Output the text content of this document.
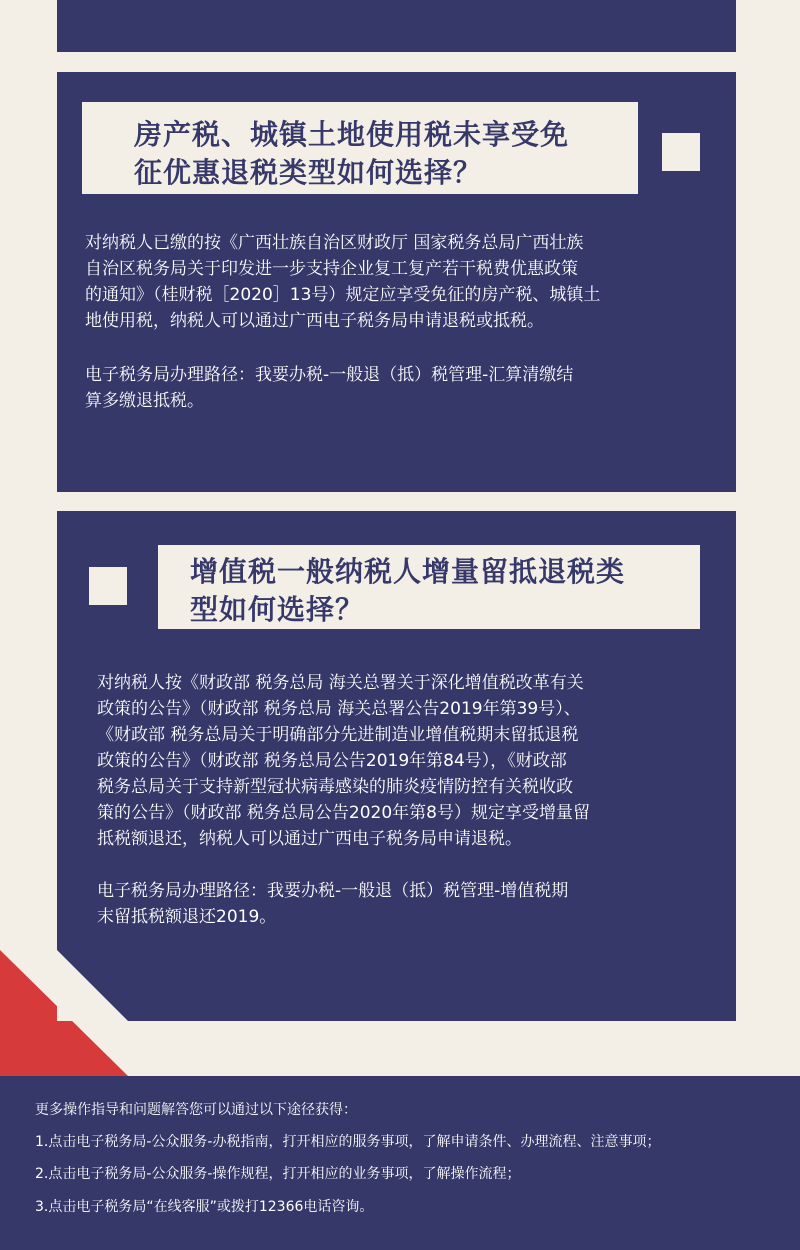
房产税、城镇土地使用税未享受免
征优惠退税类型如何选择？

对纳税人已缴的按《广西壮族自治区财政厅 国家税务总局广西壮族
自治区税务局关于印发进一步支持企业复工复产若干税费优惠政策
的通知》（桂财税［2020］13号）规定应享受免征的房产税、城镇土
地使用税，纳税人可以通过广西电子税务局申请退税或抵税。

电子税务局办理路径：我要办税-一般退（抵）税管理-汇算清缴结
算多缴退抵税。

增值税一般纳税人增量留抵退税类
型如何选择？

对纳税人按《财政部 税务总局 海关总署关于深化增值税改革有关
政策的公告》（财政部 税务总局 海关总署公告2019年第39号）、
《财政部 税务总局关于明确部分先进制造业增值税期末留抵退税
政策的公告》（财政部 税务总局公告2019年第84号），《财政部
税务总局关于支持新型冠状病毒感染的肺炎疫情防控有关税收政
策的公告》（财政部 税务总局公告2020年第8号）规定享受增量留
抵税额退还，纳税人可以通过广西电子税务局申请退税。

电子税务局办理路径：我要办税-一般退（抵）税管理-增值税期
末留抵税额退还2019。

更多操作指导和问题解答您可以通过以下途径获得：

1.点击电子税务局-公众服务-办税指南，打开相应的服务事项，了解申请条件、办理流程、注意事项；

2.点击电子税务局-公众服务-操作规程，打开相应的业务事项，了解操作流程；

3.点击电子税务局“在线客服”或拨打12366电话咨询。
